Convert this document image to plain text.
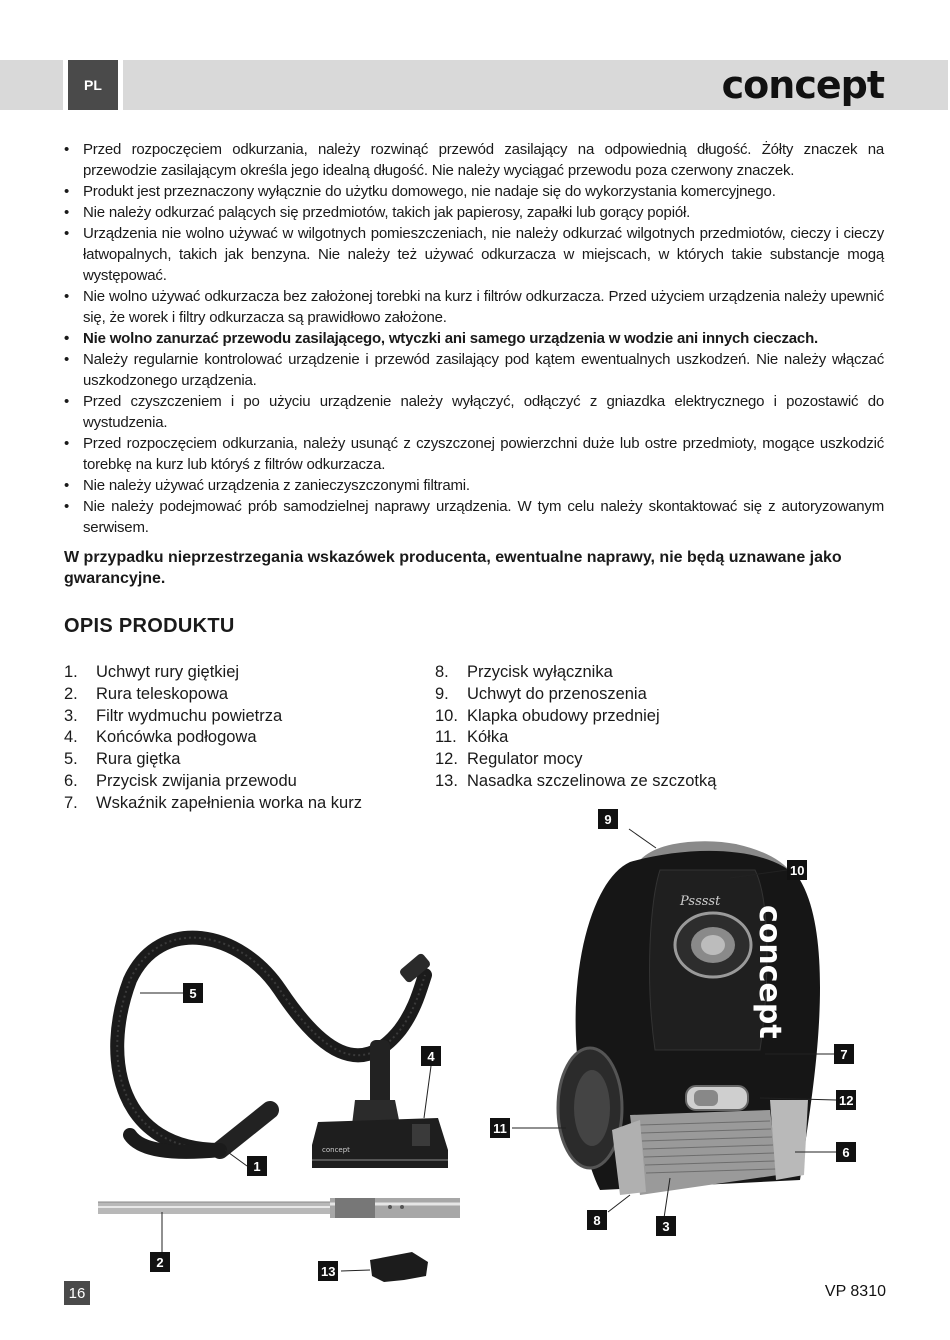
PL	concept
• Przed rozpoczęciem odkurzania, należy rozwinąć przewód zasilający na odpowiednią długość. Żółty znaczek na przewodzie zasilającym określa jego idealną długość. Nie należy wyciągać przewodu poza czerwony znaczek.
• Produkt jest przeznaczony wyłącznie do użytku domowego, nie nadaje się do wykorzystania komercyjnego.
• Nie należy odkurzać palących się przedmiotów, takich jak papierosy, zapałki lub gorący popiół.
• Urządzenia nie wolno używać w wilgotnych pomieszczeniach, nie należy odkurzać wilgotnych przedmiotów, cieczy i cieczy łatwopalnych, takich jak benzyna. Nie należy też używać odkurzacza w miejscach, w których takie substancje mogą występować.
• Nie wolno używać odkurzacza bez założonej torebki na kurz i filtrów odkurzacza. Przed użyciem urządzenia należy upewnić się, że worek i filtry odkurzacza są prawidłowo założone.
• Nie wolno zanurzać przewodu zasilającego, wtyczki ani samego urządzenia w wodzie ani innych cieczach.
• Należy regularnie kontrolować urządzenie i przewód zasilający pod kątem ewentualnych uszkodzeń. Nie należy włączać uszkodzonego urządzenia.
• Przed czyszczeniem i po użyciu urządzenie należy wyłączyć, odłączyć z gniazdka elektrycznego i pozostawić do wystudzenia.
• Przed rozpoczęciem odkurzania, należy usunąć z czyszczonej powierzchni duże lub ostre przedmioty, mogące uszkodzić torebkę na kurz lub któryś z filtrów odkurzacza.
• Nie należy używać urządzenia z zanieczyszczonymi filtrami.
• Nie należy podejmować prób samodzielnej naprawy urządzenia. W tym celu należy skontaktować się z autoryzowanym serwisem.
W przypadku nieprzestrzegania wskazówek producenta, ewentualne naprawy, nie będą uznawane jako gwarancyjne.
OPIS PRODUKTU
1.	Uchwyt rury giętkiej
2.	Rura teleskopowa
3.	Filtr wydmuchu powietrza
4.	Końcówka podłogowa
5.	Rura giętka
6.	Przycisk zwijania przewodu
7.	Wskaźnik zapełnienia worka na kurz
8.	Przycisk wyłącznika
9.	Uchwyt do przenoszenia
10. Klapka obudowy przedniej
11. Kółka
12. Regulator mocy
13. Nasadka szczelinowa ze szczotką
concept
concept
Psssst
5
1
2
4
13
9
10
7
12
6
11
8	3
16	VP 8310
